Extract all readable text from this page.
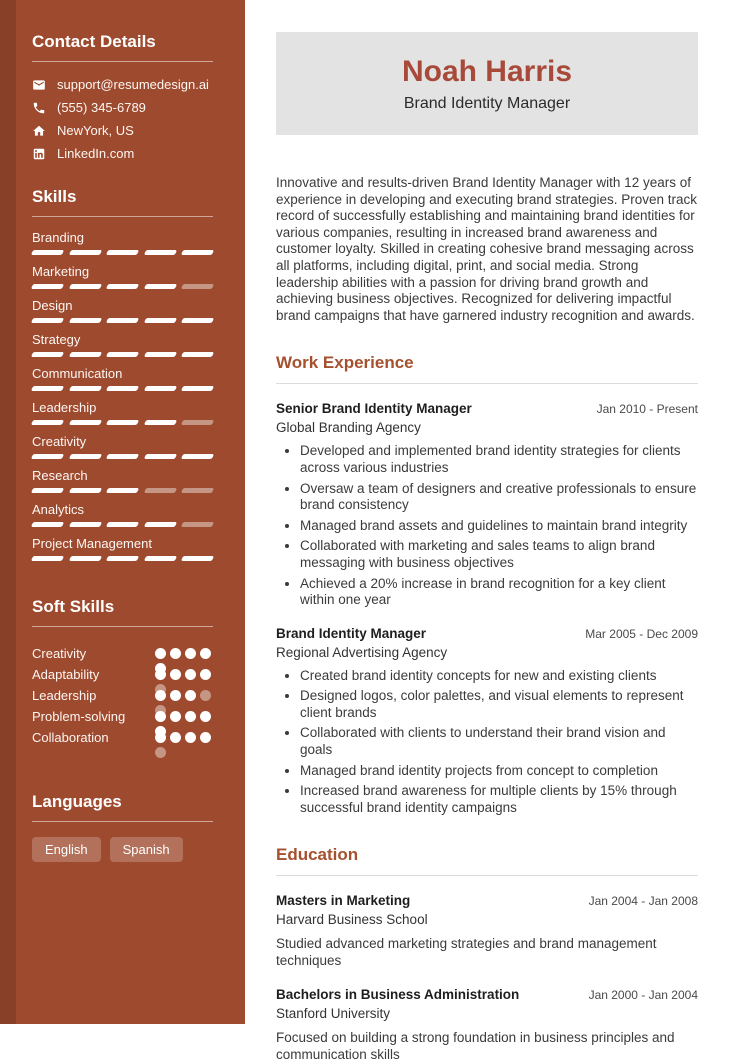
Contact Details
support@resumedesign.ai
(555) 345-6789
NewYork, US
LinkedIn.com
Skills
Branding
Marketing
Design
Strategy
Communication
Leadership
Creativity
Research
Analytics
Project Management
Soft Skills
Creativity
Adaptability
Leadership
Problem-solving
Collaboration
Languages
English	Spanish
Noah Harris

Brand Identity Manager

Innovative and results-driven Brand Identity Manager with 12 years of experience in developing and executing brand strategies. Proven track record of successfully establishing and maintaining brand identities for various companies, resulting in increased brand awareness and customer loyalty. Skilled in creating cohesive brand messaging across all platforms, including digital, print, and social media. Strong leadership abilities with a passion for driving brand growth and achieving business objectives. Recognized for delivering impactful brand campaigns that have garnered industry recognition and awards.

Work Experience
Senior Brand Identity Manager	Jan 2010 - Present
Global Branding Agency
• Developed and implemented brand identity strategies for clients across various industries
• Oversaw a team of designers and creative professionals to ensure brand consistency
• Managed brand assets and guidelines to maintain brand integrity
• Collaborated with marketing and sales teams to align brand messaging with business objectives
• Achieved a 20% increase in brand recognition for a key client within one year
Brand Identity Manager	Mar 2005 - Dec 2009
Regional Advertising Agency
• Created brand identity concepts for new and existing clients
• Designed logos, color palettes, and visual elements to represent client brands
• Collaborated with clients to understand their brand vision and goals
• Managed brand identity projects from concept to completion
• Increased brand awareness for multiple clients by 15% through successful brand identity campaigns
Education
Masters in Marketing	Jan 2004 - Jan 2008
Harvard Business School

Studied advanced marketing strategies and brand management techniques

Bachelors in Business Administration	Jan 2000 - Jan 2004
Stanford University

Focused on building a strong foundation in business principles and communication skills
